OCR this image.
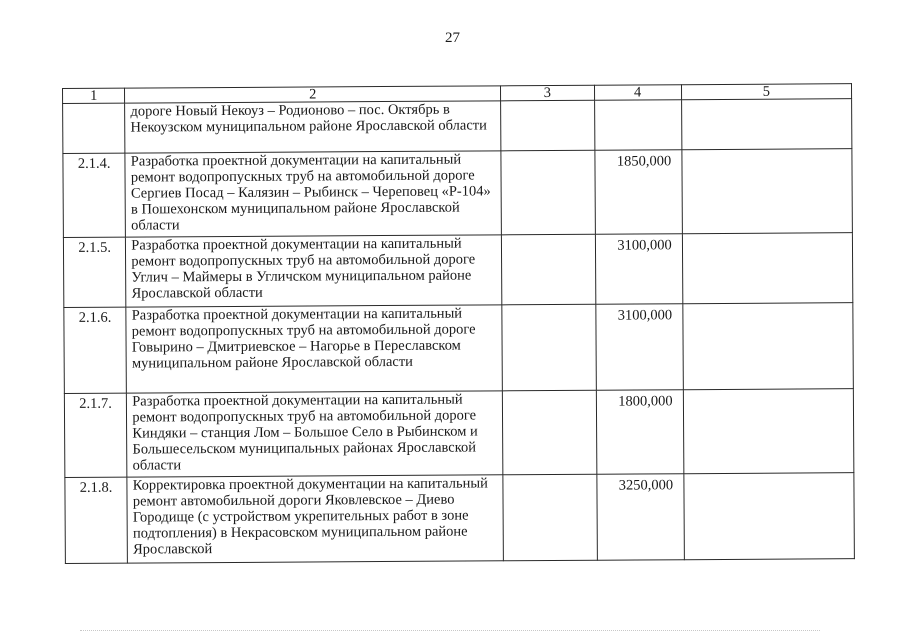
27
1	2	3	4	5
	дороге Новый Некоуз – Родионово – пос. Октябрь в Некоузском муниципальном районе Ярославской области			
2.1.4.	Разработка проектной документации на капитальный ремонт водопропускных труб на автомобильной дороге Сергиев Посад – Калязин – Рыбинск – Череповец «Р-104» в Пошехонском муниципальном районе Ярославской области		1850,000	
2.1.5.	Разработка проектной документации на капитальный ремонт водопропускных труб на автомобильной дороге Углич – Маймеры в Угличском муниципальном районе Ярославской области		3100,000	
2.1.6.	Разработка проектной документации на капитальный ремонт водопропускных труб на автомобильной дороге Говырино – Дмитриевское – Нагорье в Переславском муниципальном районе Ярославской области		3100,000	
2.1.7.	Разработка проектной документации на капитальный ремонт водопропускных труб на автомобильной дороге Киндяки – станция Лом – Большое Село в Рыбинском и Большесельском муниципальных районах Ярославской области		1800,000	
2.1.8.	Корректировка проектной документации на капитальный ремонт автомобильной дороги Яковлевское – Диево Городище (с устройством укрепительных работ в зоне подтопления) в Некрасовском муниципальном районе Ярославской		3250,000	
